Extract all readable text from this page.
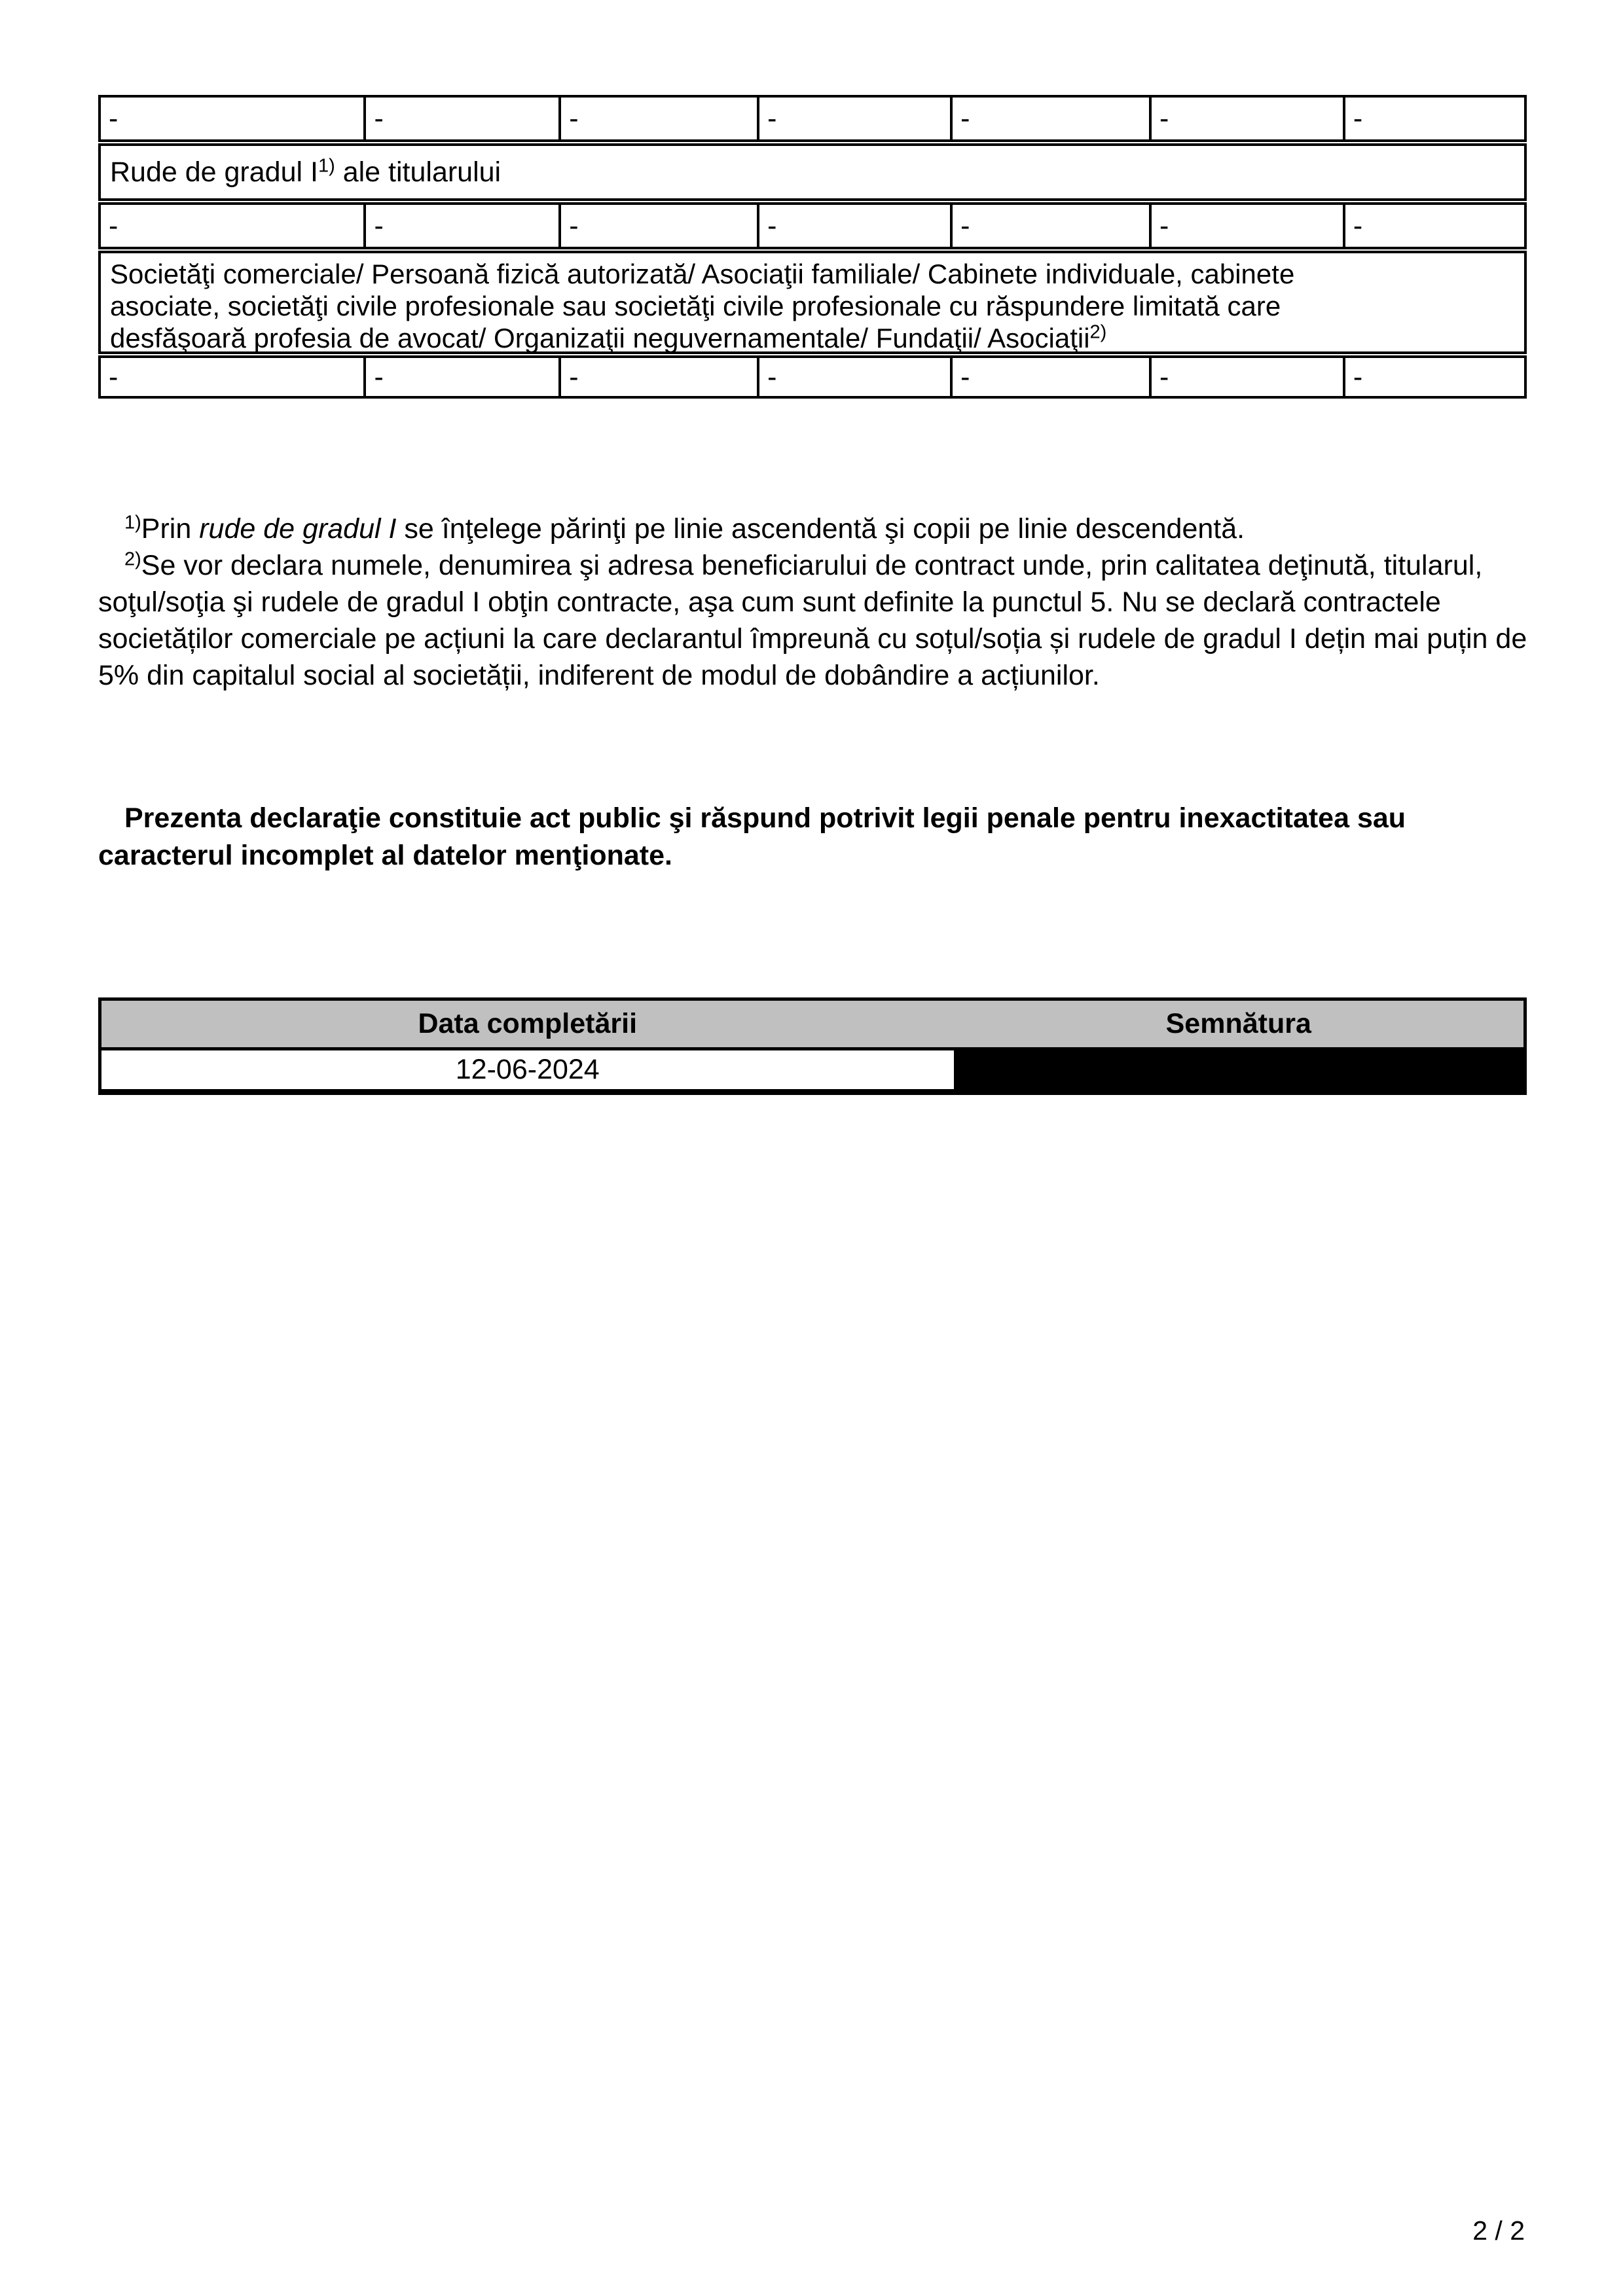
-	-	-	-	-	-	-
Rude de gradul $I^{1)}$ ale titularului
-	-	-	-	-	-	-
Societăţi comerciale/ Persoană fizică autorizată/ Asociaţii familiale/ Cabinete individuale, cabinete
asociate, societăţi civile profesionale sau societăţi civile profesionale cu răspundere limitată care
desfăşoară profesia de avocat/ Organizaţii neguvernamentale/ Fundaţii/ Asociaţii$^{2)}$
-	-	-	-	-	-	-

$^{1)}$Prin rude de gradul I se înţelege părinţi pe linie ascendentă şi copii pe linie descendentă.

$^{2)}$Se vor declara numele, denumirea şi adresa beneficiarului de contract unde, prin calitatea deţinută, titularul, soţul/soţia şi rudele de gradul I obţin contracte, aşa cum sunt definite la punctul 5. Nu se declară contractele societăților comerciale pe acțiuni la care declarantul împreună cu soțul/soția și rudele de gradul I dețin mai puțin de 5% din capitalul social al societății, indiferent de modul de dobândire a acțiunilor.

Prezenta declaraţie constituie act public şi răspund potrivit legii penale pentru inexactitatea sau caracterul incomplet al datelor menţionate.

Data completării	Semnătura
12-06-2024	
2 / 2
